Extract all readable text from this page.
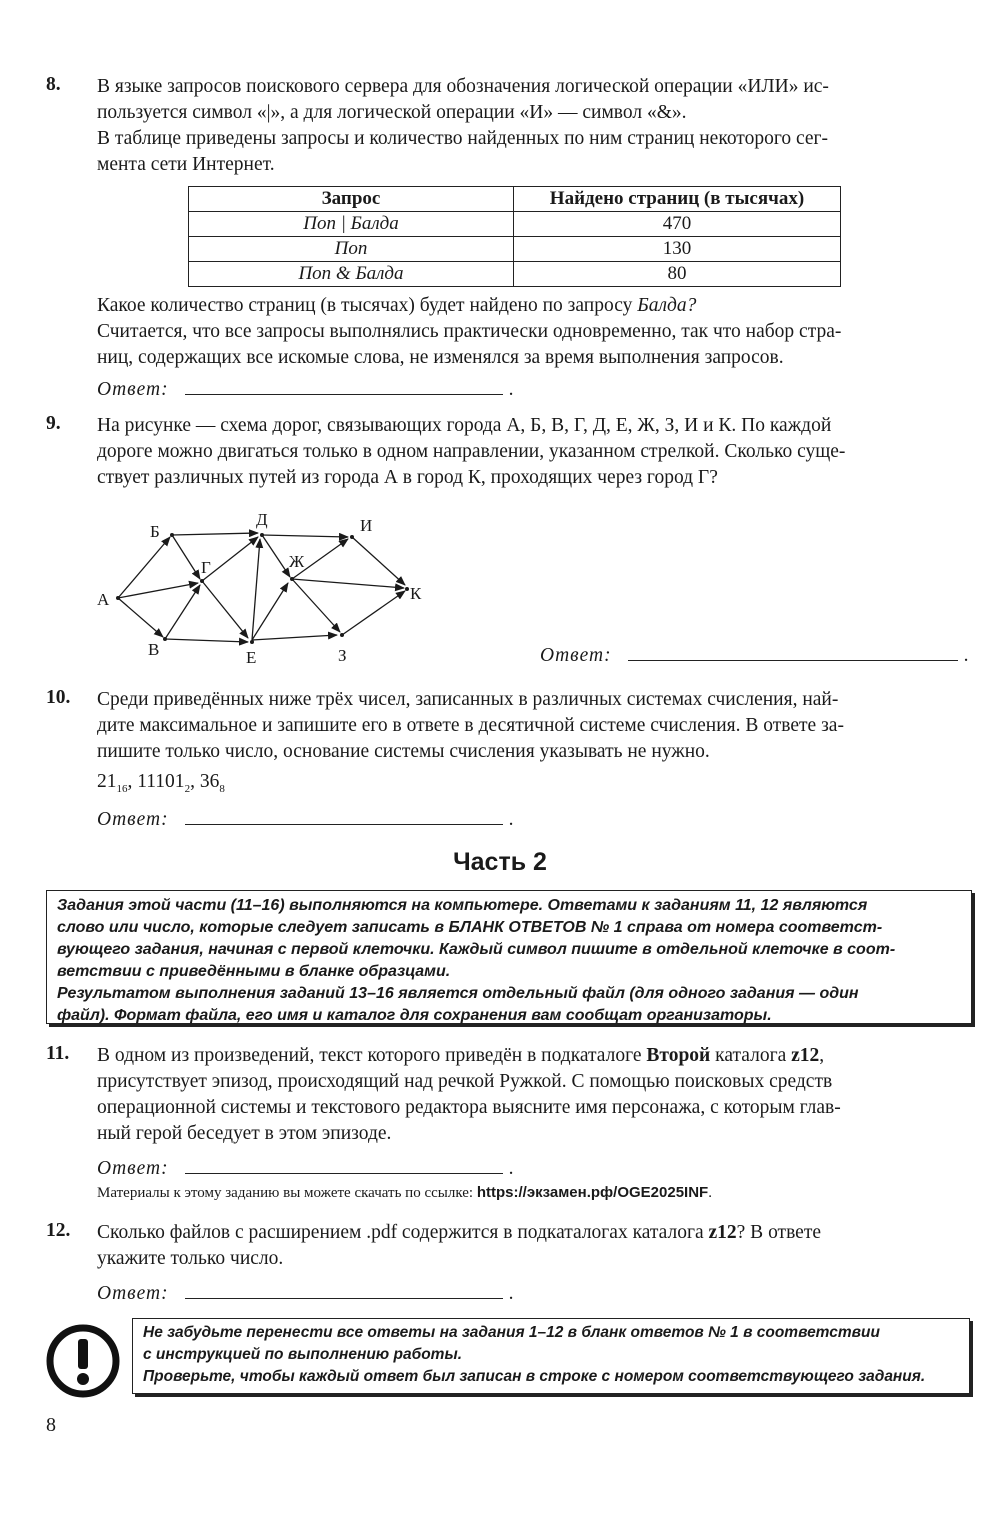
8. В языке запросов поискового сервера для обозначения логической операции «ИЛИ» ис-
пользуется символ «|», а для логической операции «И» — символ «&».
В таблице приведены запросы и количество найденных по ним страниц некоторого сег-
мента сети Интернет.
Запрос	Найдено страниц (в тысячах)
Поп | Балда	470
Поп	130
Поп & Балда	80
Какое количество страниц (в тысячах) будет найдено по запросу Балда?
Считается, что все запросы выполнялись практически одновременно, так что набор стра-
ниц, содержащих все искомые слова, не изменялся за время выполнения запросов.
Ответ:	.
9. На рисунке — схема дорог, связывающих города А, Б, В, Г, Д, Е, Ж, З, И и К. По каждой
дороге можно двигаться только в одном направлении, указанном стрелкой. Сколько суще-
ствует различных путей из города А в город К, проходящих через город Г?
А
Б
В
Г
Д
Е
Ж
И
З
К
Ответ:	.
10. Среди приведённых ниже трёх чисел, записанных в различных системах счисления, най-
дите максимальное и запишите его в ответе в десятичной системе счисления. В ответе за-
пишите только число, основание системы счисления указывать не нужно.
$21_{16}$, $11101_2$, $36_8$
Ответ:	.
Часть 2
Задания этой части (11–16) выполняются на компьютере. Ответами к заданиям 11, 12 являются
слово или число, которые следует записать в БЛАНК ОТВЕТОВ № 1 справа от номера соответст-
вующего задания, начиная с первой клеточки. Каждый символ пишите в отдельной клеточке в соот-
ветствии с приведёнными в бланке образцами.
Результатом выполнения заданий 13–16 является отдельный файл (для одного задания — один
файл). Формат файла, его имя и каталог для сохранения вам сообщат организаторы.
11. В одном из произведений, текст которого приведён в подкаталоге Второй каталога z12,
присутствует эпизод, происходящий над речкой Ружкой. С помощью поисковых средств
операционной системы и текстового редактора выясните имя персонажа, с которым глав-
ный герой беседует в этом эпизоде.
Ответ:	.
Материалы к этому заданию вы можете скачать по ссылке: https://экзамен.рф/OGE2025INF.
12. Сколько файлов с расширением .pdf содержится в подкаталогах каталога z12? В ответе
укажите только число.
Ответ:	.
Не забудьте перенести все ответы на задания 1–12 в бланк ответов № 1 в соответствии
с инструкцией по выполнению работы.
Проверьте, чтобы каждый ответ был записан в строке с номером соответствующего задания.
8
